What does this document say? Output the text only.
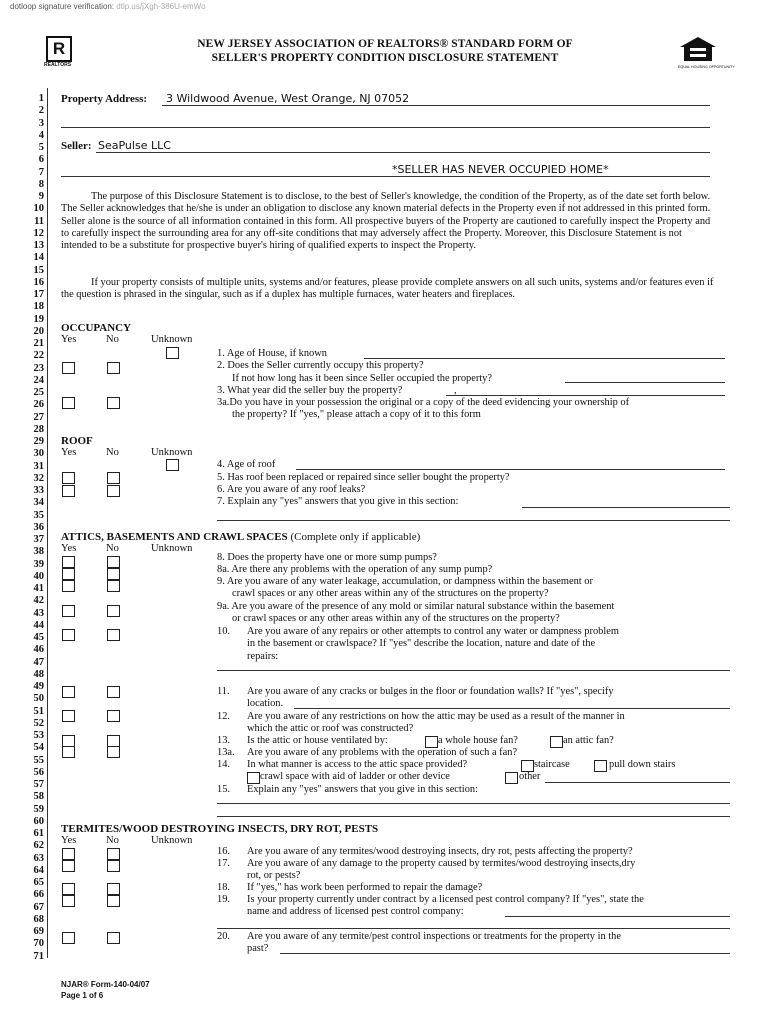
dotloop signature verification: dtlp.us/jXgh-386U-emWo
R
REALTORS	EQUAL HOUSING OPPORTUNITY
NEW JERSEY ASSOCIATION OF REALTORS® STANDARD FORM OF
SELLER'S PROPERTY CONDITION DISCLOSURE STATEMENT
1
2
3
4
5
6
7
8
9
10
11
12
13
14
15
16
17
18
19
20
21
22
23
24
25
26
27
28
29
30
31
32
33
34
35
36
37
38
39
40
41
42
43
44
45
46
47
48
49
50
51
52
53
54
55
56
57
58
59
60
61
62
63
64
65
66
67
68
69
70
71
Property Address: 3 Wildwood Avenue, West Orange, NJ 07052
Seller: SeaPulse LLC
*SELLER HAS NEVER OCCUPIED HOME*
The purpose of this Disclosure Statement is to disclose, to the best of Seller's knowledge, the condition of the Property, as of the date set forth below. The Seller acknowledges that he/she is under an obligation to disclose any known material defects in the Property even if not addressed in this printed form. Seller alone is the source of all information contained in this form. All prospective buyers of the Property are cautioned to carefully inspect the Property and to carefully inspect the surrounding area for any off-site conditions that may adversely affect the Property. Moreover, this Disclosure Statement is not intended to be a substitute for prospective buyer's hiring of qualified experts to inspect the Property.
If your property consists of multiple units, systems and/or features, please provide complete answers on all such units, systems and/or features even if the question is phrased in the singular, such as if a duplex has multiple furnaces, water heaters and fireplaces.
OCCUPANCY
Yes	No	Unknown
1. Age of House, if known
2. Does the Seller currently occupy this property?
If not how long has it been since Seller occupied the property?
3. What year did the seller buy the property?	,
3a.Do you have in your possession the original or a copy of the deed evidencing your ownership of
the property? If "yes," please attach a copy of it to this form
ROOF
Yes	No	Unknown
4. Age of roof
5. Has roof been replaced or repaired since seller bought the property?
6. Are you aware of any roof leaks?
7. Explain any "yes" answers that you give in this section:
ATTICS, BASEMENTS AND CRAWL SPACES (Complete only if applicable)
Yes	No	Unknown
8. Does the property have one or more sump pumps?
8a. Are there any problems with the operation of any sump pump?
9. Are you aware of any water leakage, accumulation, or dampness within the basement or
crawl spaces or any other areas within any of the structures on the property?
9a. Are you aware of the presence of any mold or similar natural substance within the basement
or crawl spaces or any other areas within any of the structures on the property?
10. Are you aware of any repairs or other attempts to control any water or dampness problem
in the basement or crawlspace? If "yes" describe the location, nature and date of the
repairs:
11. Are you aware of any cracks or bulges in the floor or foundation walls? If "yes", specify
location.
12. Are you aware of any restrictions on how the attic may be used as a result of the manner in
which the attic or roof was constructed?
13. Is the attic or house ventilated by:	a whole house fan?	an attic fan?
13a. Are you aware of any problems with the operation of such a fan?
14. In what manner is access to the attic space provided?	staircase	pull down stairs
crawl space with aid of ladder or other device	other
15. Explain any "yes" answers that you give in this section:
TERMITES/WOOD DESTROYING INSECTS, DRY ROT, PESTS
Yes	No	Unknown
16. Are you aware of any termites/wood destroying insects, dry rot, pests affecting the property?
17. Are you aware of any damage to the property caused by termites/wood destroying insects,dry
rot, or pests?
18. If "yes," has work been performed to repair the damage?
19. Is your property currently under contract by a licensed pest control company? If "yes", state the
name and address of licensed pest control company:
20. Are you aware of any termite/pest control inspections or treatments for the property in the
past?
NJAR® Form-140-04/07
Page 1 of 6
